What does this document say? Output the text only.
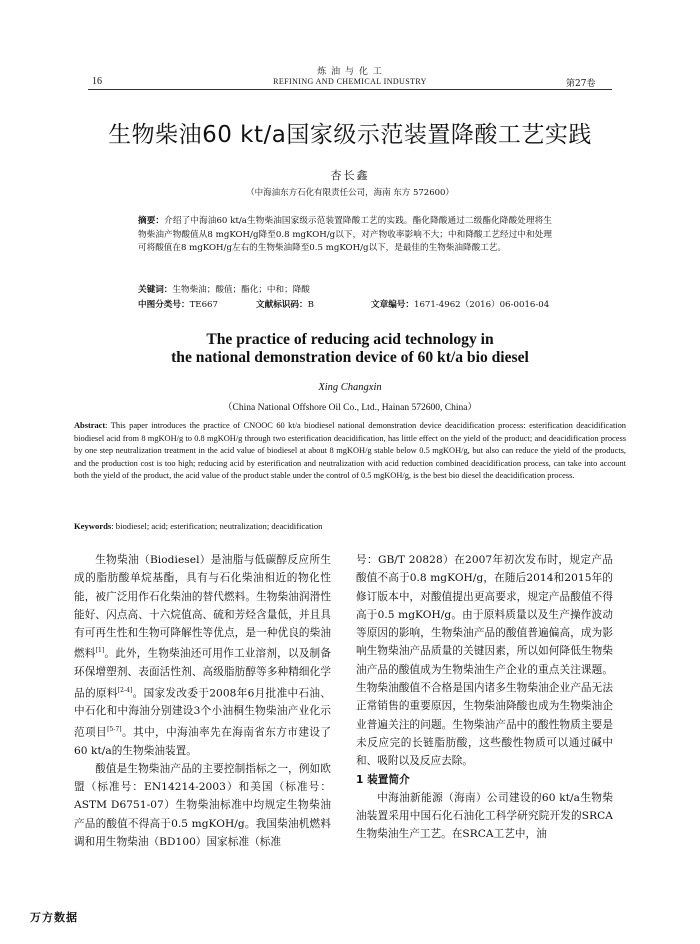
炼 油 与 化 工
REFINING AND CHEMICAL INDUSTRY
16	第27卷
生物柴油60 kt/a国家级示范装置降酸工艺实践
杏长鑫
（中海油东方石化有限责任公司，海南 东方 572600）
摘要：介绍了中海油60 kt/a生物柴油国家级示范装置降酸工艺的实践。酯化降酸通过二级酯化降酸处理将生物柴油产物酸值从8 mgKOH/g降至0.8 mgKOH/g以下，对产物收率影响不大；中和降酸工艺经过中和处理可将酸值在8 mgKOH/g左右的生物柴油降至0.5 mgKOH/g以下，是最佳的生物柴油降酸工艺。
关键词：生物柴油；酸值；酯化；中和；降酸
中图分类号：TE667	文献标识码：B	文章编号：1671-4962（2016）06-0016-04
The practice of reducing acid technology in
the national demonstration device of 60 kt/a bio diesel
Xing Changxin
（China National Offshore Oil Co., Ltd., Hainan 572600, China）
Abstract: This paper introduces the practice of CNOOC 60 kt/a biodiesel national demonstration device deacidification process: esterification deacidification biodiesel acid from 8 mgKOH/g to 0.8 mgKOH/g through two esterification deacidification, has little effect on the yield of the product; and deacidification process by one step neutralization treatment in the acid value of biodiesel at about 8 mgKOH/g stable below 0.5 mgKOH/g, but also can reduce the yield of the products, and the production cost is too high; reducing acid by esterification and neutralization with acid reduction combined deacidification process, can take into account both the yield of the product, the acid value of the product stable under the control of 0.5 mgKOH/g, is the best bio diesel the deacidification process.
Keywords: biodiesel; acid; esterification; neutralization; deacidification

生物柴油（Biodiesel）是油脂与低碳醇反应所生成的脂肪酸单烷基酯，具有与石化柴油相近的物化性能，被广泛用作石化柴油的替代燃料。生物柴油润滑性能好、闪点高、十六烷值高、硫和芳烃含量低，并且具有可再生性和生物可降解性等优点，是一种优良的柴油燃料[1]。此外，生物柴油还可用作工业溶剂，以及制备环保增塑剂、表面活性剂、高级脂肪醇等多种精细化学品的原料[2-4]。国家发改委于2008年6月批准中石油、中石化和中海油分别建设3个小油桐生物柴油产业化示范项目[5-7]。其中，中海油率先在海南省东方市建设了60 kt/a的生物柴油装置。

酸值是生物柴油产品的主要控制指标之一，例如欧盟（标准号：EN14214-2003）和美国（标准号：ASTM D6751-07）生物柴油标准中均规定生物柴油产品的酸值不得高于0.5 mgKOH/g。我国柴油机燃料调和用生物柴油（BD100）国家标准（标准

号：GB/T 20828）在2007年初次发布时，规定产品酸值不高于0.8 mgKOH/g，在随后2014和2015年的修订版本中，对酸值提出更高要求，规定产品酸值不得高于0.5 mgKOH/g。由于原料质量以及生产操作波动等原因的影响，生物柴油产品的酸值普遍偏高，成为影响生物柴油产品质量的关键因素，所以如何降低生物柴油产品的酸值成为生物柴油生产企业的重点关注课题。生物柴油酸值不合格是国内诸多生物柴油企业产品无法正常销售的重要原因，生物柴油降酸也成为生物柴油企业普遍关注的问题。生物柴油产品中的酸性物质主要是未反应完的长链脂肪酸，这些酸性物质可以通过碱中和、吸附以及反应去除。

1 装置简介

中海油新能源（海南）公司建设的60 kt/a生物柴油装置采用中国石化石油化工科学研究院开发的SRCA生物柴油生产工艺。在SRCA工艺中，油

万方数据
